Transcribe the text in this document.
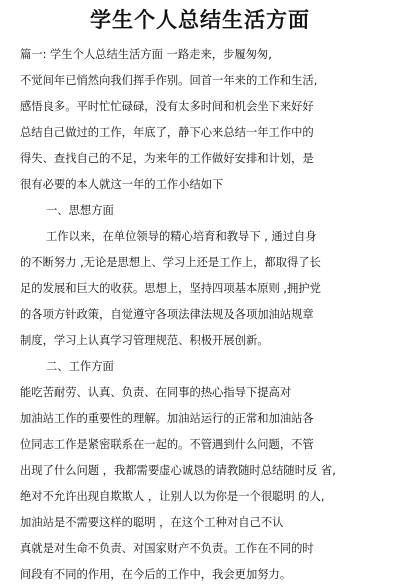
学生个人总结生活方面
篇一: 学生个人总结生活方面 一路走来，步履匆匆,
不觉间年已悄然向我们挥手作别。回首一年来的工作和生活,
感悟良多。平时忙忙碌碌，没有太多时间和机会坐下来好好
总结自己做过的工作，年底了，静下心来总结一年工作中的
得失、查找自己的不足，为来年的工作做好安排和计划，是
很有必要的本人就这一年的工作小结如下
一、思想方面
工作以来，在单位领导的精心培育和教导下 , 通过自身
的不断努力 ,无论是思想上、学习上还是工作上，都取得了长
足的发展和巨大的收获。思想上，坚持四项基本原则 ,拥护党
的各项方针政策，自觉遵守各项法律法规及各项加油站规章
制度，学习上认真学习管理规范、积极开展创新。
二、工作方面
能吃苦耐劳、认真、负责、在同事的热心指导下提高对
加油站工作的重要性的理解。加油站运行的正常和加油站各
位同志工作是紧密联系在一起的。不管遇到什么问题，不管
出现了什么问题 ，我都需要虚心诚恳的请教随时总结随时反 省,
绝对不允许出现自欺欺人 ，让别人以为你是一个很聪明 的人,
加油站是不需要这样的聪明 ，在这个工种对自己不认
真就是对生命不负责、对国家财产不负责。工作在不同的时
间段有不同的作用，在今后的工作中，我会更加努力。
